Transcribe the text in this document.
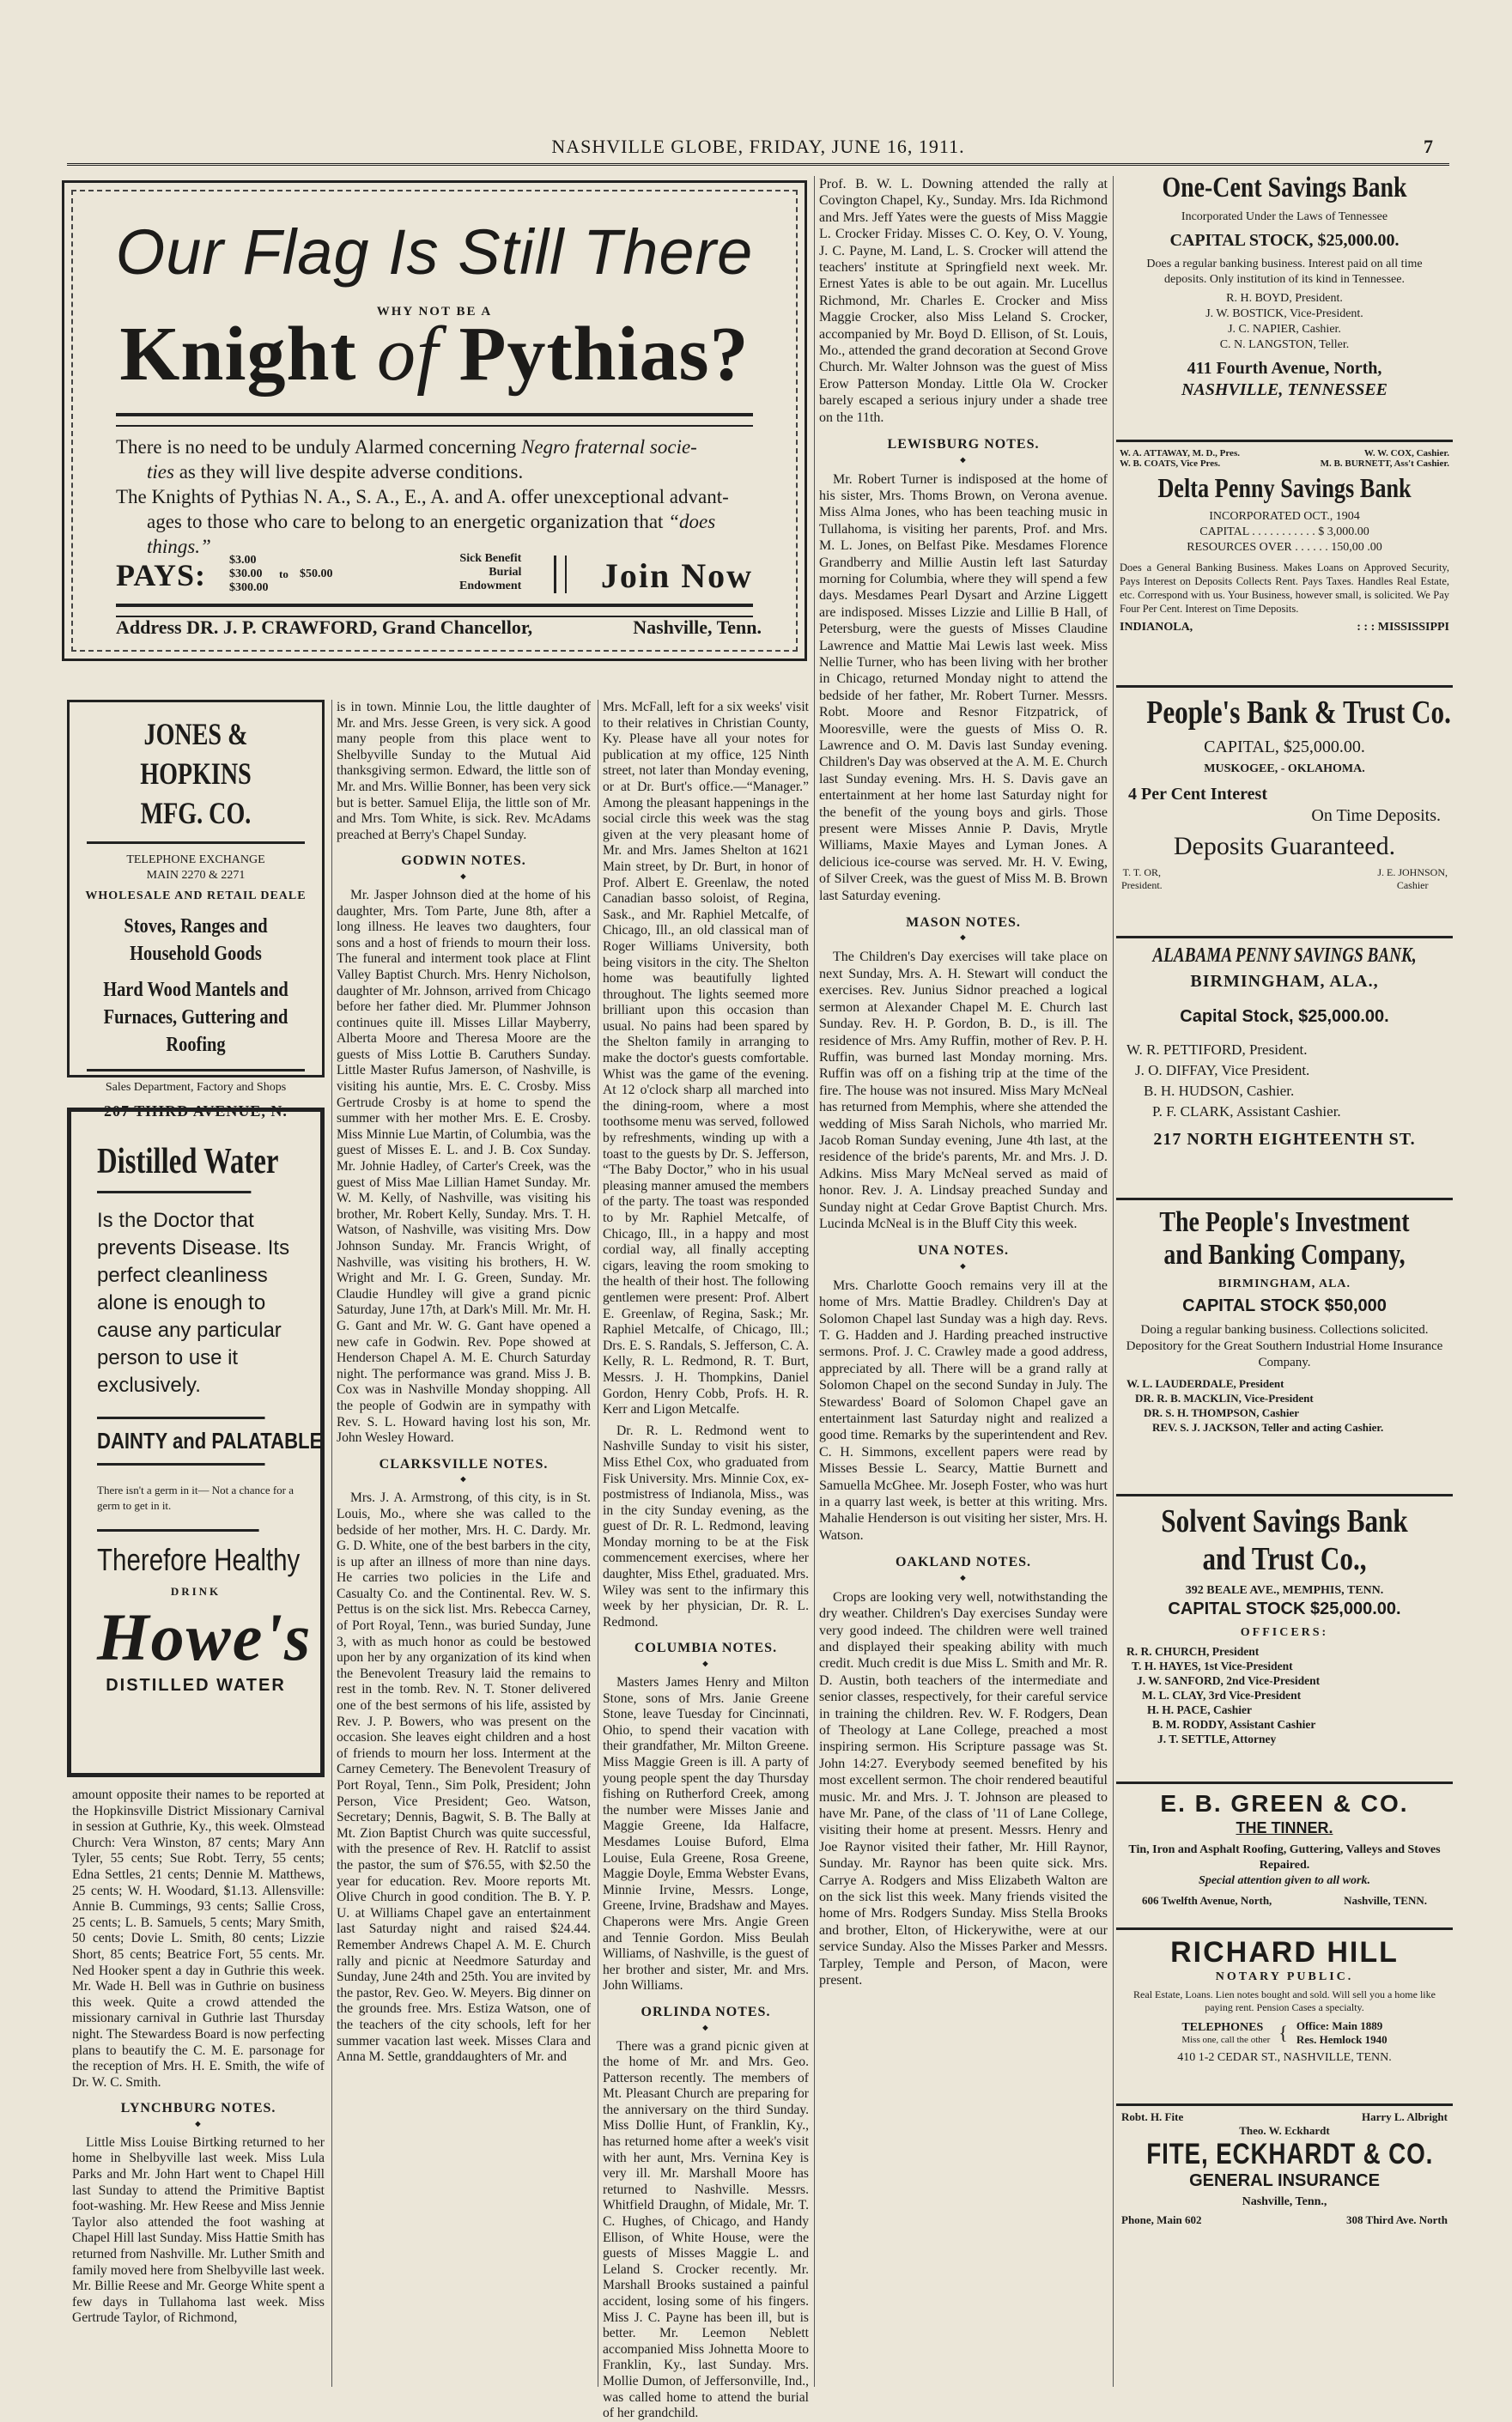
NASHVILLE GLOBE, FRIDAY, JUNE 16, 1911.	7
Our Flag Is Still There
WHY NOT BE A
Knight of Pythias?
There is no need to be unduly Alarmed concerning Negro fraternal socie-
ties as they will live despite adverse conditions.
The Knights of Pythias N. A., S. A., E., A. and A. offer unexceptional advant-
ages to those who care to belong to an energetic organization that “does
things.”
PAYS: $3.00
$30.00
$300.00
to $50.00
Sick Benefit
Burial
Endowment Join Now
Address DR. J. P. CRAWFORD, Grand Chancellor,	Nashville, Tenn.
JONES & HOPKINS
MFG. CO.
TELEPHONE EXCHANGE
MAIN 2270 & 2271
WHOLESALE AND RETAIL DEALE
Stoves, Ranges and Household Goods
Hard Wood Mantels and Furnaces, Guttering and Roofing
Sales Department, Factory and Shops
207 THIRD AVENUE, N.
Distilled Water
Is the Doctor that prevents Disease. Its perfect cleanliness alone is enough to cause any particular person to use it exclusively.
DAINTY and PALATABLE
There isn't a germ in it— Not a chance for a germ to get in it.
Therefore Healthy
DRINK
Howe's
DISTILLED WATER

amount opposite their names to be reported at the Hopkinsville District Missionary Carnival in session at Guthrie, Ky., this week. Olmstead Church: Vera Winston, 87 cents; Mary Ann Tyler, 55 cents; Sue Robt. Terry, 55 cents; Edna Settles, 21 cents; Dennie M. Matthews, 25 cents; W. H. Woodard, $1.13. Allensville: Annie B. Cummings, 93 cents; Sallie Cross, 25 cents; L. B. Samuels, 5 cents; Mary Smith, 50 cents; Dovie L. Smith, 80 cents; Lizzie Short, 85 cents; Beatrice Fort, 55 cents. Mr. Ned Hooker spent a day in Guthrie this week. Mr. Wade H. Bell was in Guthrie on business this week. Quite a crowd attended the missionary carnival in Guthrie last Thursday night. The Stewardess Board is now perfecting plans to beautify the C. M. E. parsonage for the reception of Mrs. H. E. Smith, the wife of Dr. W. C. Smith.

LYNCHBURG NOTES. ◆

Little Miss Louise Birtking returned to her home in Shelbyville last week. Miss Lula Parks and Mr. John Hart went to Chapel Hill last Sunday to attend the Primitive Baptist foot-washing. Mr. Hew Reese and Miss Jennie Taylor also attended the foot washing at Chapel Hill last Sunday. Miss Hattie Smith has returned from Nashville. Mr. Luther Smith and family moved here from Shelbyville last week. Mr. Billie Reese and Mr. George White spent a few days in Tullahoma last week. Miss Gertrude Taylor, of Richmond,

is in town. Minnie Lou, the little daughter of Mr. and Mrs. Jesse Green, is very sick. A good many people from this place went to Shelbyville Sunday to the Mutual Aid thanksgiving sermon. Edward, the little son of Mr. and Mrs. Willie Bonner, has been very sick but is better. Samuel Elija, the little son of Mr. and Mrs. Tom White, is sick. Rev. McAdams preached at Berry's Chapel Sunday.

GODWIN NOTES. ◆

Mr. Jasper Johnson died at the home of his daughter, Mrs. Tom Parte, June 8th, after a long illness. He leaves two daughters, four sons and a host of friends to mourn their loss. The funeral and interment took place at Flint Valley Baptist Church. Mrs. Henry Nicholson, daughter of Mr. Johnson, arrived from Chicago before her father died. Mr. Plummer Johnson continues quite ill. Misses Lillar Mayberry, Alberta Moore and Theresa Moore are the guests of Miss Lottie B. Caruthers Sunday. Little Master Rufus Jamerson, of Nashville, is visiting his auntie, Mrs. E. C. Crosby. Miss Gertrude Crosby is at home to spend the summer with her mother Mrs. E. E. Crosby. Miss Minnie Lue Martin, of Columbia, was the guest of Misses E. L. and J. B. Cox Sunday. Mr. Johnie Hadley, of Carter's Creek, was the guest of Miss Mae Lillian Hamet Sunday. Mr. W. M. Kelly, of Nashville, was visiting his brother, Mr. Robert Kelly, Sunday. Mrs. T. H. Watson, of Nashville, was visiting Mrs. Dow Johnson Sunday. Mr. Francis Wright, of Nashville, was visiting his brothers, H. W. Wright and Mr. I. G. Green, Sunday. Mr. Claudie Hundley will give a grand picnic Saturday, June 17th, at Dark's Mill. Mr. Mr. H. G. Gant and Mr. W. G. Gant have opened a new cafe in Godwin. Rev. Pope showed at Henderson Chapel A. M. E. Church Saturday night. The performance was grand. Miss J. B. Cox was in Nashville Monday shopping. All the people of Godwin are in sympathy with Rev. S. L. Howard having lost his son, Mr. John Wesley Howard.

CLARKSVILLE NOTES. ◆

Mrs. J. A. Armstrong, of this city, is in St. Louis, Mo., where she was called to the bedside of her mother, Mrs. H. C. Dardy. Mr. G. D. White, one of the best barbers in the city, is up after an illness of more than nine days. He carries two policies in the Life and Casualty Co. and the Continental. Rev. W. S. Pettus is on the sick list. Mrs. Rebecca Carney, of Port Royal, Tenn., was buried Sunday, June 3, with as much honor as could be bestowed upon her by any organization of its kind when the Benevolent Treasury laid the remains to rest in the tomb. Rev. N. T. Stoner delivered one of the best sermons of his life, assisted by Rev. J. P. Bowers, who was present on the occasion. She leaves eight children and a host of friends to mourn her loss. Interment at the Carney Cemetery. The Benevolent Treasury of Port Royal, Tenn., Sim Polk, President; John Person, Vice President; Geo. Watson, Secretary; Dennis, Bagwit, S. B. The Bally at Mt. Zion Baptist Church was quite successful, with the presence of Rev. H. Ratclif to assist the pastor, the sum of $76.55, with $2.50 the year for education. Rev. Moore reports Mt. Olive Church in good condition. The B. Y. P. U. at Williams Chapel gave an entertainment last Saturday night and raised $24.44. Remember Andrews Chapel A. M. E. Church rally and picnic at Needmore Saturday and Sunday, June 24th and 25th. You are invited by the pastor, Rev. Geo. W. Meyers. Big dinner on the grounds free. Mrs. Estiza Watson, one of the teachers of the city schools, left for her summer vacation last week. Misses Clara and Anna M. Settle, granddaughters of Mr. and

Mrs. McFall, left for a six weeks' visit to their relatives in Christian County, Ky. Please have all your notes for publication at my office, 125 Ninth street, not later than Monday evening, or at Dr. Burt's office.—“Manager.” Among the pleasant happenings in the social circle this week was the stag given at the very pleasant home of Mr. and Mrs. James Shelton at 1621 Main street, by Dr. Burt, in honor of Prof. Albert E. Greenlaw, the noted Canadian basso soloist, of Regina, Sask., and Mr. Raphiel Metcalfe, of Chicago, Ill., an old classical man of Roger Williams University, both being visitors in the city. The Shelton home was beautifully lighted throughout. The lights seemed more brilliant upon this occasion than usual. No pains had been spared by the Shelton family in arranging to make the doctor's guests comfortable. Whist was the game of the evening. At 12 o'clock sharp all marched into the dining-room, where a most toothsome menu was served, followed by refreshments, winding up with a toast to the guests by Dr. S. Jefferson, “The Baby Doctor,” who in his usual pleasing manner amused the members of the party. The toast was responded to by Mr. Raphiel Metcalfe, of Chicago, Ill., in a happy and most cordial way, all finally accepting cigars, leaving the room smoking to the health of their host. The following gentlemen were present: Prof. Albert E. Greenlaw, of Regina, Sask.; Mr. Raphiel Metcalfe, of Chicago, Ill.; Drs. E. S. Randals, S. Jefferson, C. A. Kelly, R. L. Redmond, R. T. Burt, Messrs. J. H. Thompkins, Daniel Gordon, Henry Cobb, Profs. H. R. Kerr and Ligon Metcalfe.

Dr. R. L. Redmond went to Nashville Sunday to visit his sister, Miss Ethel Cox, who graduated from Fisk University. Mrs. Minnie Cox, ex-postmistress of Indianola, Miss., was in the city Sunday evening, as the guest of Dr. R. L. Redmond, leaving Monday morning to be at the Fisk commencement exercises, where her daughter, Miss Ethel, graduated. Mrs. Wiley was sent to the infirmary this week by her physician, Dr. R. L. Redmond.

COLUMBIA NOTES. ◆

Masters James Henry and Milton Stone, sons of Mrs. Janie Greene Stone, leave Tuesday for Cincinnati, Ohio, to spend their vacation with their grandfather, Mr. Milton Greene. Miss Maggie Green is ill. A party of young people spent the day Thursday fishing on Rutherford Creek, among the number were Misses Janie and Maggie Greene, Ida Halfacre, Mesdames Louise Buford, Elma Louise, Eula Greene, Rosa Greene, Maggie Doyle, Emma Webster Evans, Minnie Irvine, Messrs. Longe, Greene, Irvine, Bradshaw and Mayes. Chaperons were Mrs. Angie Green and Tennie Gordon. Miss Beulah Williams, of Nashville, is the guest of her brother and sister, Mr. and Mrs. John Williams.

ORLINDA NOTES. ◆

There was a grand picnic given at the home of Mr. and Mrs. Geo. Patterson recently. The members of Mt. Pleasant Church are preparing for the anniversary on the third Sunday. Miss Dollie Hunt, of Franklin, Ky., has returned home after a week's visit with her aunt, Mrs. Vernina Key is very ill. Mr. Marshall Moore has returned to Nashville. Messrs. Whitfield Draughn, of Midale, Mr. T. C. Hughes, of Chicago, and Handy Ellison, of White House, were the guests of Misses Maggie L. and Leland S. Crocker recently. Mr. Marshall Brooks sustained a painful accident, losing some of his fingers. Miss J. C. Payne has been ill, but is better. Mr. Leemon Neblett accompanied Miss Johnetta Moore to Franklin, Ky., last Sunday. Mrs. Mollie Dumon, of Jeffersonville, Ind., was called home to attend the burial of her grandchild.

Prof. B. W. L. Downing attended the rally at Covington Chapel, Ky., Sunday. Mrs. Ida Richmond and Mrs. Jeff Yates were the guests of Miss Maggie L. Crocker Friday. Misses C. O. Key, O. V. Young, J. C. Payne, M. Land, L. S. Crocker will attend the teachers' institute at Springfield next week. Mr. Ernest Yates is able to be out again. Mr. Lucellus Richmond, Mr. Charles E. Crocker and Miss Maggie Crocker, also Miss Leland S. Crocker, accompanied by Mr. Boyd D. Ellison, of St. Louis, Mo., attended the grand decoration at Second Grove Church. Mr. Walter Johnson was the guest of Miss Erow Patterson Monday. Little Ola W. Crocker barely escaped a serious injury under a shade tree on the 11th.

LEWISBURG NOTES. ◆

Mr. Robert Turner is indisposed at the home of his sister, Mrs. Thoms Brown, on Verona avenue. Miss Alma Jones, who has been teaching music in Tullahoma, is visiting her parents, Prof. and Mrs. M. L. Jones, on Belfast Pike. Mesdames Florence Grandberry and Millie Austin left last Saturday morning for Columbia, where they will spend a few days. Mesdames Pearl Dysart and Arzine Liggett are indisposed. Misses Lizzie and Lillie B Hall, of Petersburg, were the guests of Misses Claudine Lawrence and Mattie Mai Lewis last week. Miss Nellie Turner, who has been living with her brother in Chicago, returned Monday night to attend the bedside of her father, Mr. Robert Turner. Messrs. Robt. Moore and Resnor Fitzpatrick, of Mooresville, were the guests of Miss O. R. Lawrence and O. M. Davis last Sunday evening. Children's Day was observed at the A. M. E. Church last Sunday evening. Mrs. H. S. Davis gave an entertainment at her home last Saturday night for the benefit of the young boys and girls. Those present were Misses Annie P. Davis, Mrytle Williams, Maxie Mayes and Lyman Jones. A delicious ice-course was served. Mr. H. V. Ewing, of Silver Creek, was the guest of Miss M. B. Brown last Saturday evening.

MASON NOTES. ◆

The Children's Day exercises will take place on next Sunday, Mrs. A. H. Stewart will conduct the exercises. Rev. Junius Sidnor preached a logical sermon at Alexander Chapel M. E. Church last Sunday. Rev. H. P. Gordon, B. D., is ill. The residence of Mrs. Amy Ruffin, mother of Rev. P. H. Ruffin, was burned last Monday morning. Mrs. Ruffin was off on a fishing trip at the time of the fire. The house was not insured. Miss Mary McNeal has returned from Memphis, where she attended the wedding of Miss Sarah Nichols, who married Mr. Jacob Roman Sunday evening, June 4th last, at the residence of the bride's parents, Mr. and Mrs. J. D. Adkins. Miss Mary McNeal served as maid of honor. Rev. J. A. Lindsay preached Sunday and Sunday night at Cedar Grove Baptist Church. Mrs. Lucinda McNeal is in the Bluff City this week.

UNA NOTES. ◆

Mrs. Charlotte Gooch remains very ill at the home of Mrs. Mattie Bradley. Children's Day at Solomon Chapel last Sunday was a high day. Revs. T. G. Hadden and J. Harding preached instructive sermons. Prof. J. C. Crawley made a good address, appreciated by all. There will be a grand rally at Solomon Chapel on the second Sunday in July. The Stewardess' Board of Solomon Chapel gave an entertainment last Saturday night and realized a good time. Remarks by the superintendent and Rev. C. H. Simmons, excellent papers were read by Misses Bessie L. Searcy, Mattie Burnett and Samuella McGhee. Mr. Joseph Foster, who was hurt in a quarry last week, is better at this writing. Mrs. Mahalie Henderson is out visiting her sister, Mrs. H. Watson.

OAKLAND NOTES. ◆

Crops are looking very well, notwithstanding the dry weather. Children's Day exercises Sunday were very good indeed. The children were well trained and displayed their speaking ability with much credit. Much credit is due Miss L. Smith and Mr. R. D. Austin, both teachers of the intermediate and senior classes, respectively, for their careful service in training the children. Rev. W. F. Rodgers, Dean of Theology at Lane College, preached a most inspiring sermon. His Scripture passage was St. John 14:27. Everybody seemed benefited by his most excellent sermon. The choir rendered beautiful music. Mr. and Mrs. J. T. Johnson are pleased to have Mr. Pane, of the class of '11 of Lane College, visiting their home at present. Messrs. Henry and Joe Raynor visited their father, Mr. Hill Raynor, Sunday. Mr. Raynor has been quite sick. Mrs. Carrye A. Rodgers and Miss Elizabeth Walton are on the sick list this week. Many friends visited the home of Mrs. Rodgers Sunday. Miss Stella Brooks and brother, Elton, of Hickerywithe, were at our service Sunday. Also the Misses Parker and Messrs. Tarpley, Temple and Person, of Macon, were present.

One-Cent Savings Bank
Incorporated Under the Laws of Tennessee
CAPITAL STOCK, $25,000.00.
Does a regular banking business. Interest paid on all time deposits. Only institution of its kind in Tennessee.
R. H. BOYD, President.
J. W. BOSTICK, Vice-President.
J. C. NAPIER, Cashier.
C. N. LANGSTON, Teller.
411 Fourth Avenue, North,
NASHVILLE, TENNESSEE
W. A. ATTAWAY, M. D., Pres.	W. W. COX, Cashier.
W. B. COATS, Vice Pres.	M. B. BURNETT, Ass't Cashier.
Delta Penny Savings Bank
INCORPORATED OCT., 1904
CAPITAL . . . . . . . . . . . $ 3,000.00
RESOURCES OVER . . . . . . 150,00 .00
Does a General Banking Business. Makes Loans on Approved Security, Pays Interest on Deposits Collects Rent. Pays Taxes. Handles Real Estate, etc. Correspond with us. Your Business, however small, is solicited. We Pay Four Per Cent. Interest on Time Deposits.
INDIANOLA,	: : : MISSISSIPPI
People's Bank & Trust Co.
CAPITAL, $25,000.00.
MUSKOGEE, - OKLAHOMA.
4 Per Cent Interest
On Time Deposits.
Deposits Guaranteed.
T. T. OR,
President.
J. E. JOHNSON,
Cashier
ALABAMA PENNY SAVINGS BANK,
BIRMINGHAM, ALA.,
Capital Stock, $25,000.00.
W. R. PETTIFORD, President.
J. O. DIFFAY, Vice President.
B. H. HUDSON, Cashier.
P. F. CLARK, Assistant Cashier.
217 NORTH EIGHTEENTH ST.
The People's Investment
and Banking Company,
BIRMINGHAM, ALA.
CAPITAL STOCK $50,000
Doing a regular banking business. Collections solicited. Depository for the Great Southern Industrial Home Insurance Company.
W. L. LAUDERDALE, President
DR. R. B. MACKLIN, Vice-President
DR. S. H. THOMPSON, Cashier
REV. S. J. JACKSON, Teller and acting Cashier.
Solvent Savings Bank
and Trust Co.,
392 BEALE AVE., MEMPHIS, TENN.
CAPITAL STOCK $25,000.00.
OFFICERS:
R. R. CHURCH, President
T. H. HAYES, 1st Vice-President
J. W. SANFORD, 2nd Vice-President
M. L. CLAY, 3rd Vice-President
H. H. PACE, Cashier
B. M. RODDY, Assistant Cashier
J. T. SETTLE, Attorney
E. B. GREEN & CO.
THE TINNER.
Tin, Iron and Asphalt Roofing, Guttering, Valleys and Stoves Repaired.
Special attention given to all work.
606 Twelfth Avenue, North,	Nashville, TENN.
RICHARD HILL
NOTARY PUBLIC.
Real Estate, Loans. Lien notes bought and sold. Will sell you a home like paying rent. Pension Cases a specialty.
TELEPHONES
Miss one, call the other { Office: Main 1889
Res. Hemlock 1940
410 1-2 CEDAR ST., NASHVILLE, TENN.
Robt. H. Fite	Harry L. Albright
Theo. W. Eckhardt
FITE, ECKHARDT & CO.
GENERAL INSURANCE
Nashville, Tenn.,
Phone, Main 602	308 Third Ave. North
